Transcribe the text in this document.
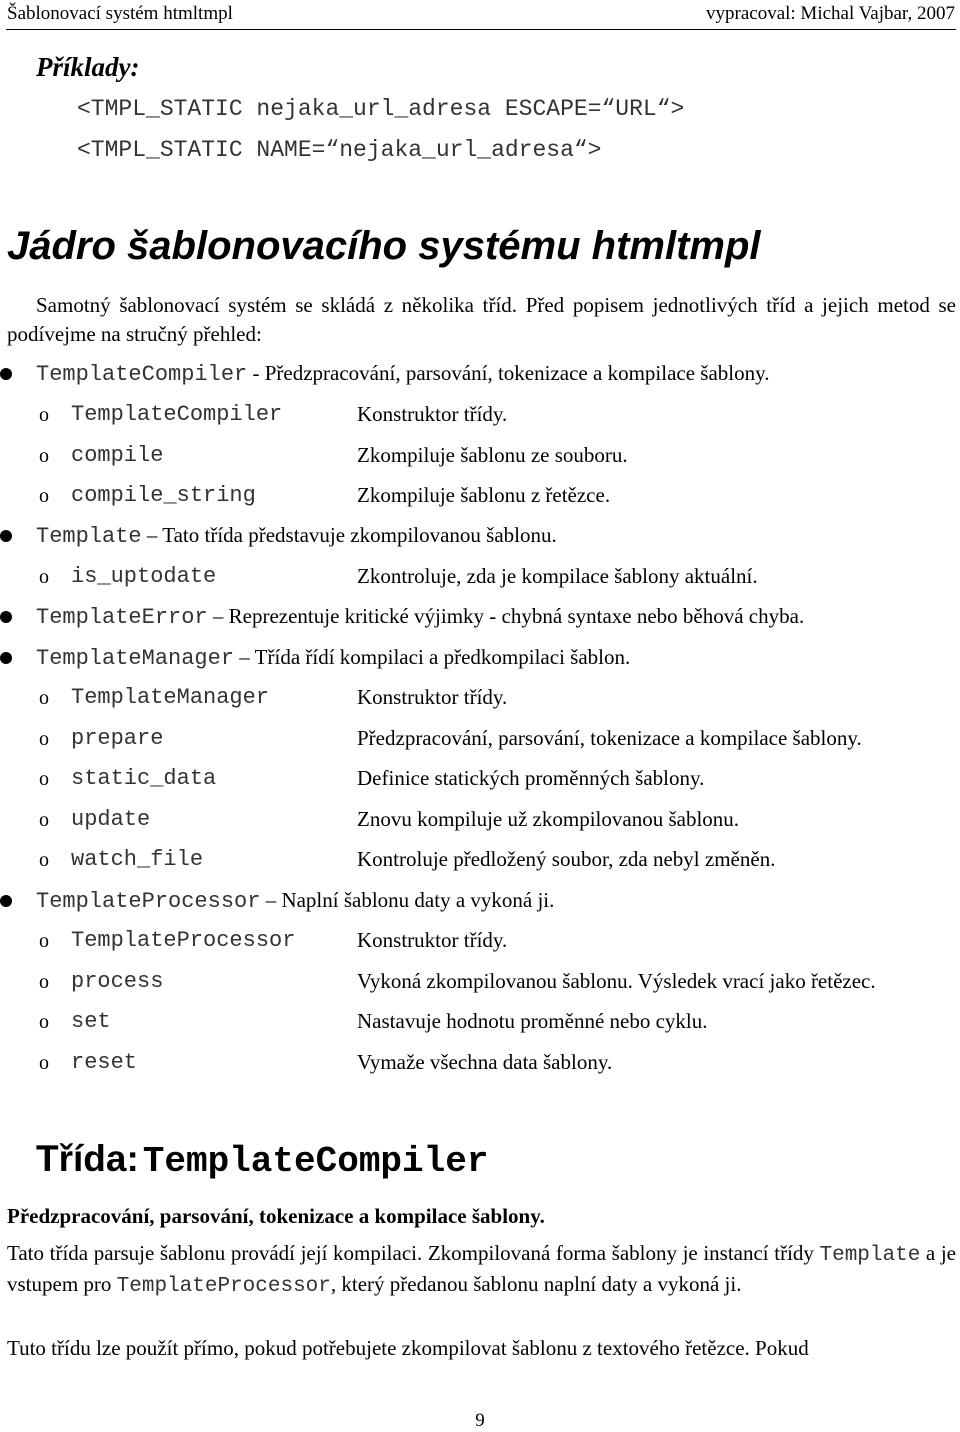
Šablonovací systém htmltmpl	vypracoval: Michal Vajbar, 2007
Příklady:
<TMPL_STATIC nejaka_url_adresa ESCAPE=“URL“>
<TMPL_STATIC NAME=“nejaka_url_adresa“>
Jádro šablonovacího systému htmltmpl
Samotný šablonovací systém se skládá z několika tříd. Před popisem jednotlivých tříd a jejich metod se podívejme na stručný přehled:
TemplateCompiler - Předzpracování, parsování, tokenizace a kompilace šablony.
o TemplateCompiler	Konstruktor třídy.
o compile	Zkompiluje šablonu ze souboru.
o compile_string	Zkompiluje šablonu z řetězce.
Template – Tato třída představuje zkompilovanou šablonu.
o is_uptodate	Zkontroluje, zda je kompilace šablony aktuální.
TemplateError – Reprezentuje kritické výjimky - chybná syntaxe nebo běhová chyba.
TemplateManager – Třída řídí kompilaci a předkompilaci šablon.
o TemplateManager	Konstruktor třídy.
o prepare	Předzpracování, parsování, tokenizace a kompilace šablony.
o static_data	Definice statických proměnných šablony.
o update	Znovu kompiluje už zkompilovanou šablonu.
o watch_file	Kontroluje předložený soubor, zda nebyl změněn.
TemplateProcessor – Naplní šablonu daty a vykoná ji.
o TemplateProcessor	Konstruktor třídy.
o process	Vykoná zkompilovanou šablonu. Výsledek vrací jako řetězec.
o set	Nastavuje hodnotu proměnné nebo cyklu.
o reset	Vymaže všechna data šablony.
Třída: TemplateCompiler
Předzpracování, parsování, tokenizace a kompilace šablony.
Tato třída parsuje šablonu provádí její kompilaci. Zkompilovaná forma šablony je instancí třídy Template a je vstupem pro TemplateProcessor, který předanou šablonu naplní daty a vykoná ji.
Tuto třídu lze použít přímo, pokud potřebujete zkompilovat šablonu z textového řetězce. Pokud
9
